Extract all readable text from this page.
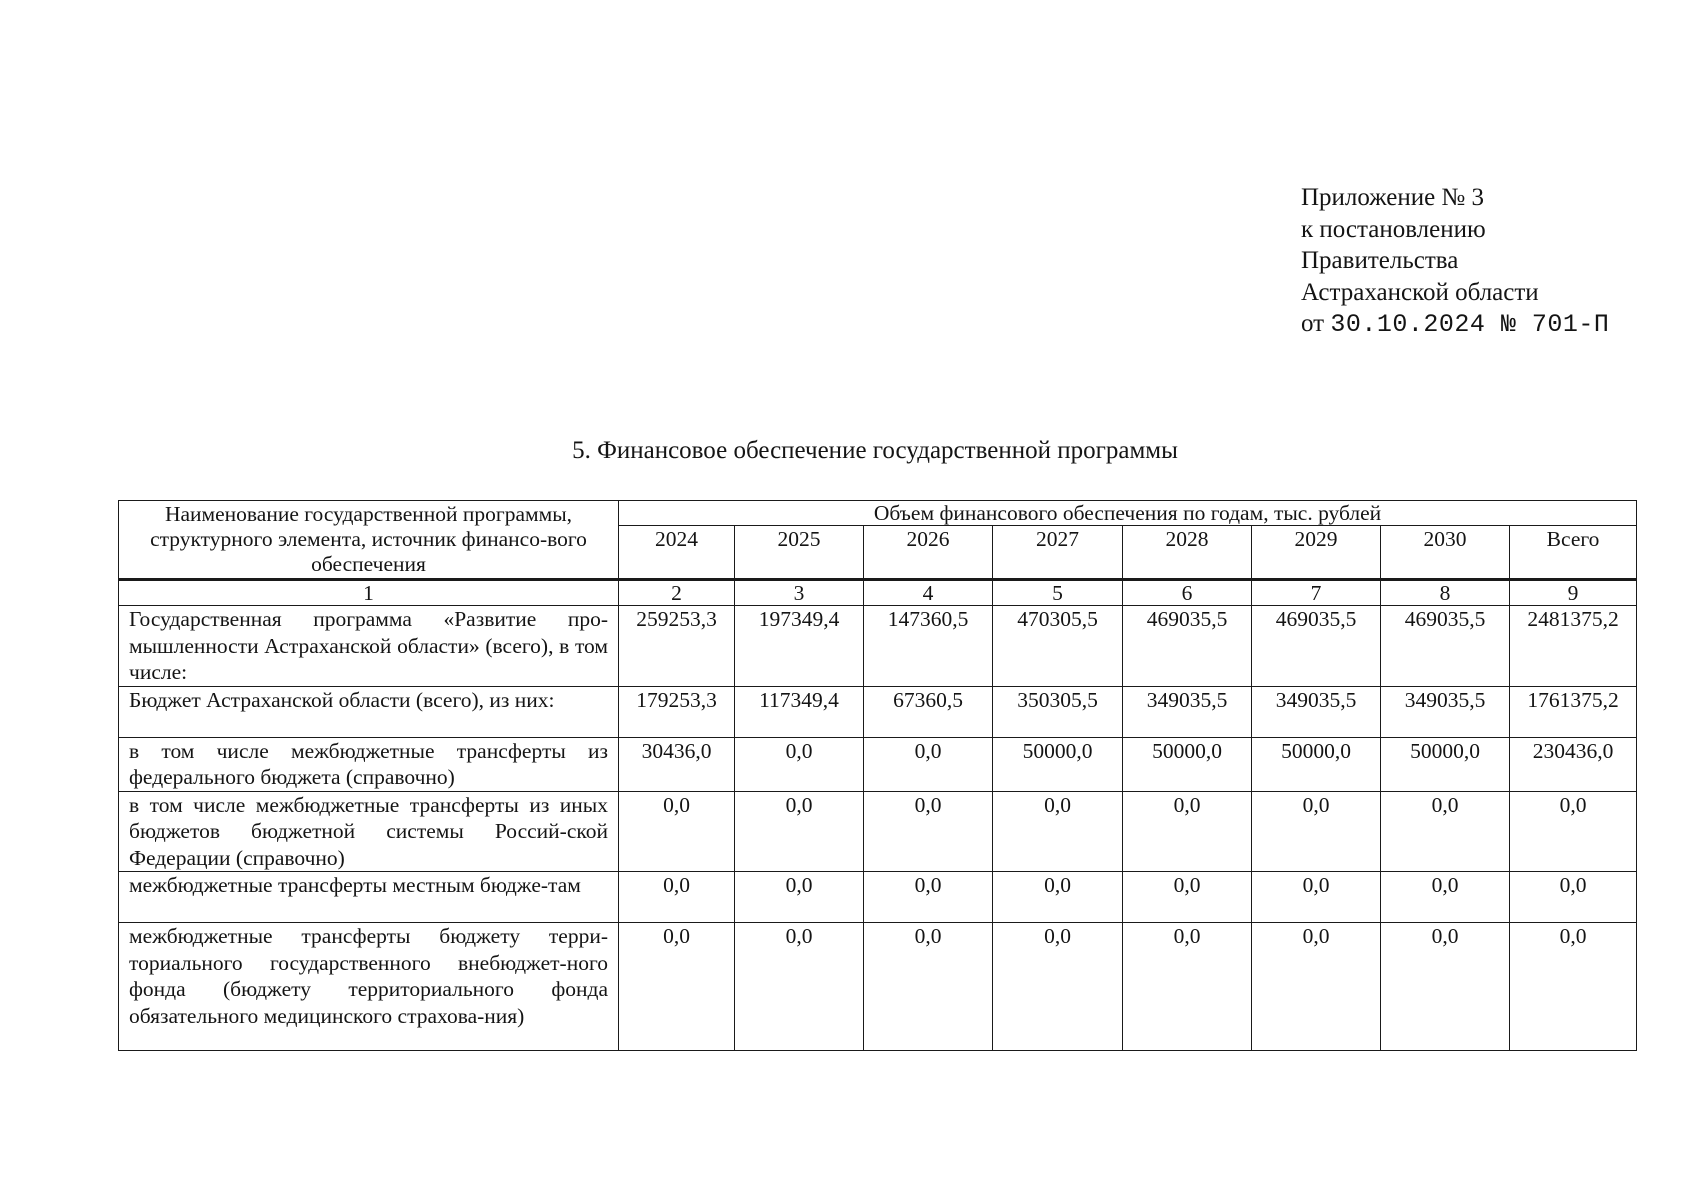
Приложение № 3
к постановлению
Правительства
Астраханской области
от 30.10.2024 № 701-П
5. Финансовое обеспечение государственной программы
Наименование государственной программы, структурного элемента, источник финансо-вого обеспечения	Объем финансового обеспечения по годам, тыс. рублей							
	2024	2025	2026	2027	2028	2029	2030	Всего
1	2	3	4	5	6	7	8	9
Государственная программа «Развитие про-мышленности Астраханской области» (всего), в том числе:	259253,3	197349,4	147360,5	470305,5	469035,5	469035,5	469035,5	2481375,2
Бюджет Астраханской области (всего), из них:	179253,3	117349,4	67360,5	350305,5	349035,5	349035,5	349035,5	1761375,2
в том числе межбюджетные трансферты из федерального бюджета (справочно)	30436,0	0,0	0,0	50000,0	50000,0	50000,0	50000,0	230436,0
в том числе межбюджетные трансферты из иных бюджетов бюджетной системы Россий-ской Федерации (справочно)	0,0	0,0	0,0	0,0	0,0	0,0	0,0	0,0
межбюджетные трансферты местным бюдже-там	0,0	0,0	0,0	0,0	0,0	0,0	0,0	0,0
межбюджетные трансферты бюджету терри-ториального государственного внебюджет-ного фонда (бюджету территориального фонда обязательного медицинского страхова-ния)	0,0	0,0	0,0	0,0	0,0	0,0	0,0	0,0
